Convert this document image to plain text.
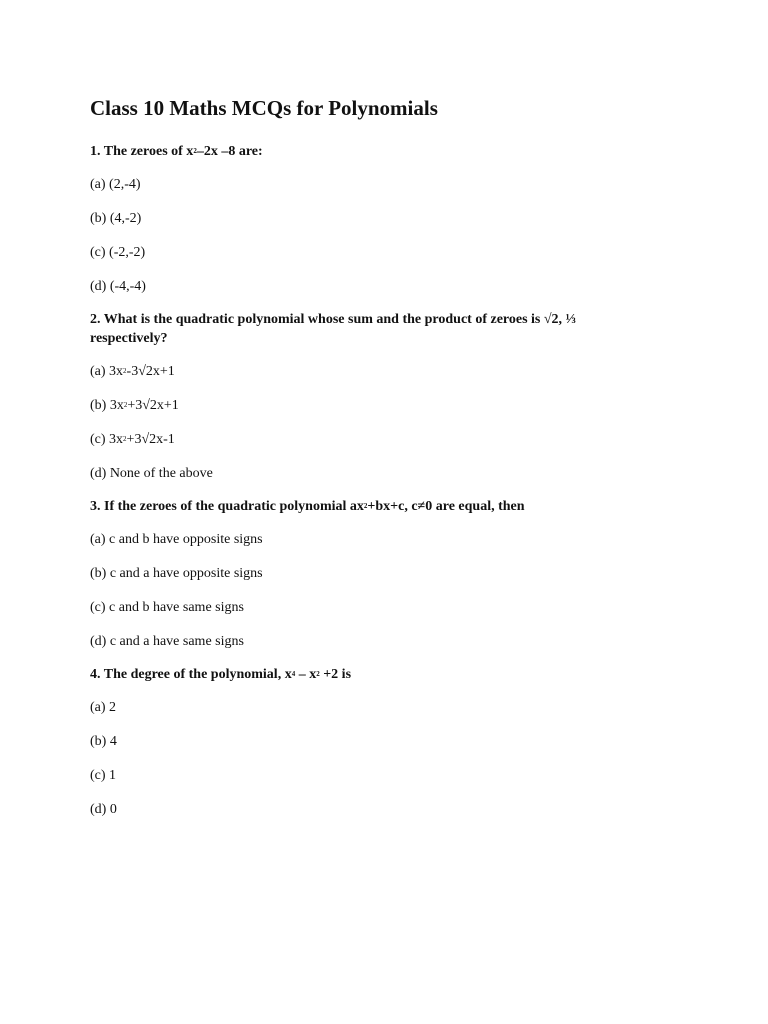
Class 10 Maths MCQs for Polynomials

1. The zeroes of $x^2-2x$ –8 are:

(a) (2,-4)

(b) (4,-2)

(c) (-2,-2)

(d) (-4,-4)

2. What is the quadratic polynomial whose sum and the product of zeroes is √2, ⅓
respectively?

(a) $3x^2-3√2x+1$

(b) $3x^2+3√2x+1$

(c) $3x^2+3√2x-1$

(d) None of the above

3. If the zeroes of the quadratic polynomial $ax^2+bx+c$, c≠0 are equal, then

(a) c and b have opposite signs

(b) c and a have opposite signs

(c) c and b have same signs

(d) c and a have same signs

4. The degree of the polynomial, $x^4 - x^2 +2$ is

(a) 2

(b) 4

(c) 1

(d) 0
